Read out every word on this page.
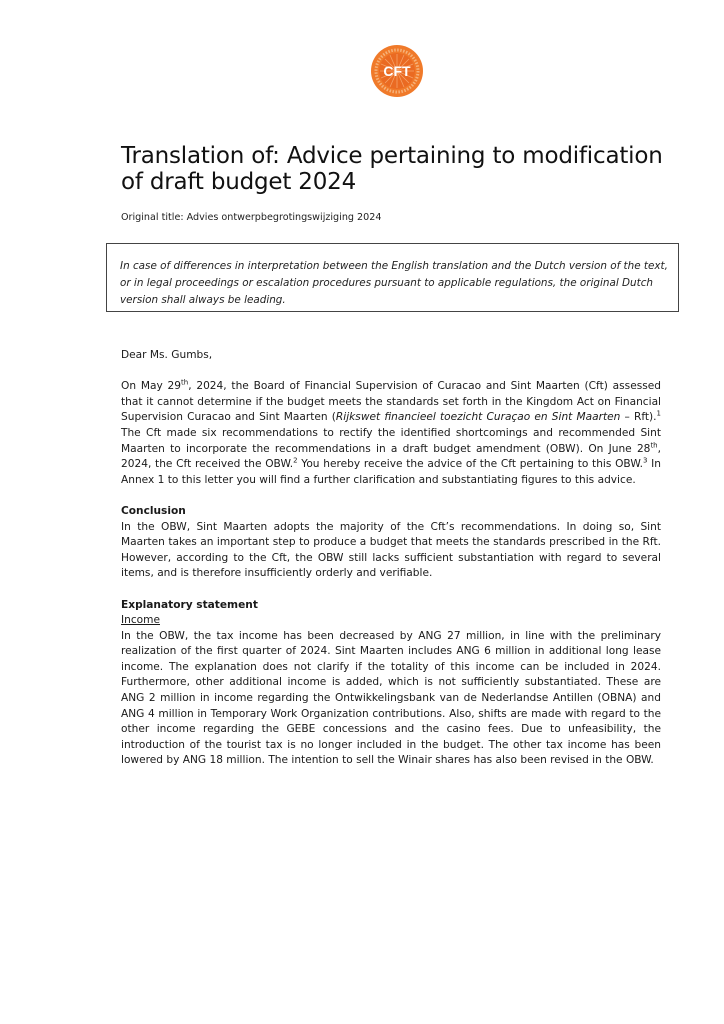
CFT
Translation of: Advice pertaining to modification of draft budget 2024
Original title: Advies ontwerpbegrotingswijziging 2024
In case of differences in interpretation between the English translation and the Dutch version of the text, or in legal proceedings or escalation procedures pursuant to applicable regulations, the original Dutch version shall always be leading.

Dear Ms. Gumbs,

On May 29th, 2024, the Board of Financial Supervision of Curacao and Sint Maarten (Cft) assessed that it cannot determine if the budget meets the standards set forth in the Kingdom Act on Financial Supervision Curacao and Sint Maarten (Rijkswet financieel toezicht Curaçao en Sint Maarten – Rft).$^1$ The Cft made six recommendations to rectify the identified shortcomings and recommended Sint Maarten to incorporate the recommendations in a draft budget amendment (OBW). On June 28th, 2024, the Cft received the OBW.$^2$ You hereby receive the advice of the Cft pertaining to this OBW.$^3$ In Annex 1 to this letter you will find a further clarification and substantiating figures to this advice.

Conclusion

In the OBW, Sint Maarten adopts the majority of the Cft’s recommendations. In doing so, Sint Maarten takes an important step to produce a budget that meets the standards prescribed in the Rft. However, according to the Cft, the OBW still lacks sufficient substantiation with regard to several items, and is therefore insufficiently orderly and verifiable.

Explanatory statement

Income

In the OBW, the tax income has been decreased by ANG 27 million, in line with the preliminary realization of the first quarter of 2024. Sint Maarten includes ANG 6 million in additional long lease income. The explanation does not clarify if the totality of this income can be included in 2024. Furthermore, other additional income is added, which is not sufficiently substantiated. These are ANG 2 million in income regarding the Ontwikkelingsbank van de Nederlandse Antillen (OBNA) and ANG 4 million in Temporary Work Organization contributions. Also, shifts are made with regard to the other income regarding the GEBE concessions and the casino fees. Due to unfeasibility, the introduction of the tourist tax is no longer included in the budget. The other tax income has been lowered by ANG 18 million. The intention to sell the Winair shares has also been revised in the OBW.
